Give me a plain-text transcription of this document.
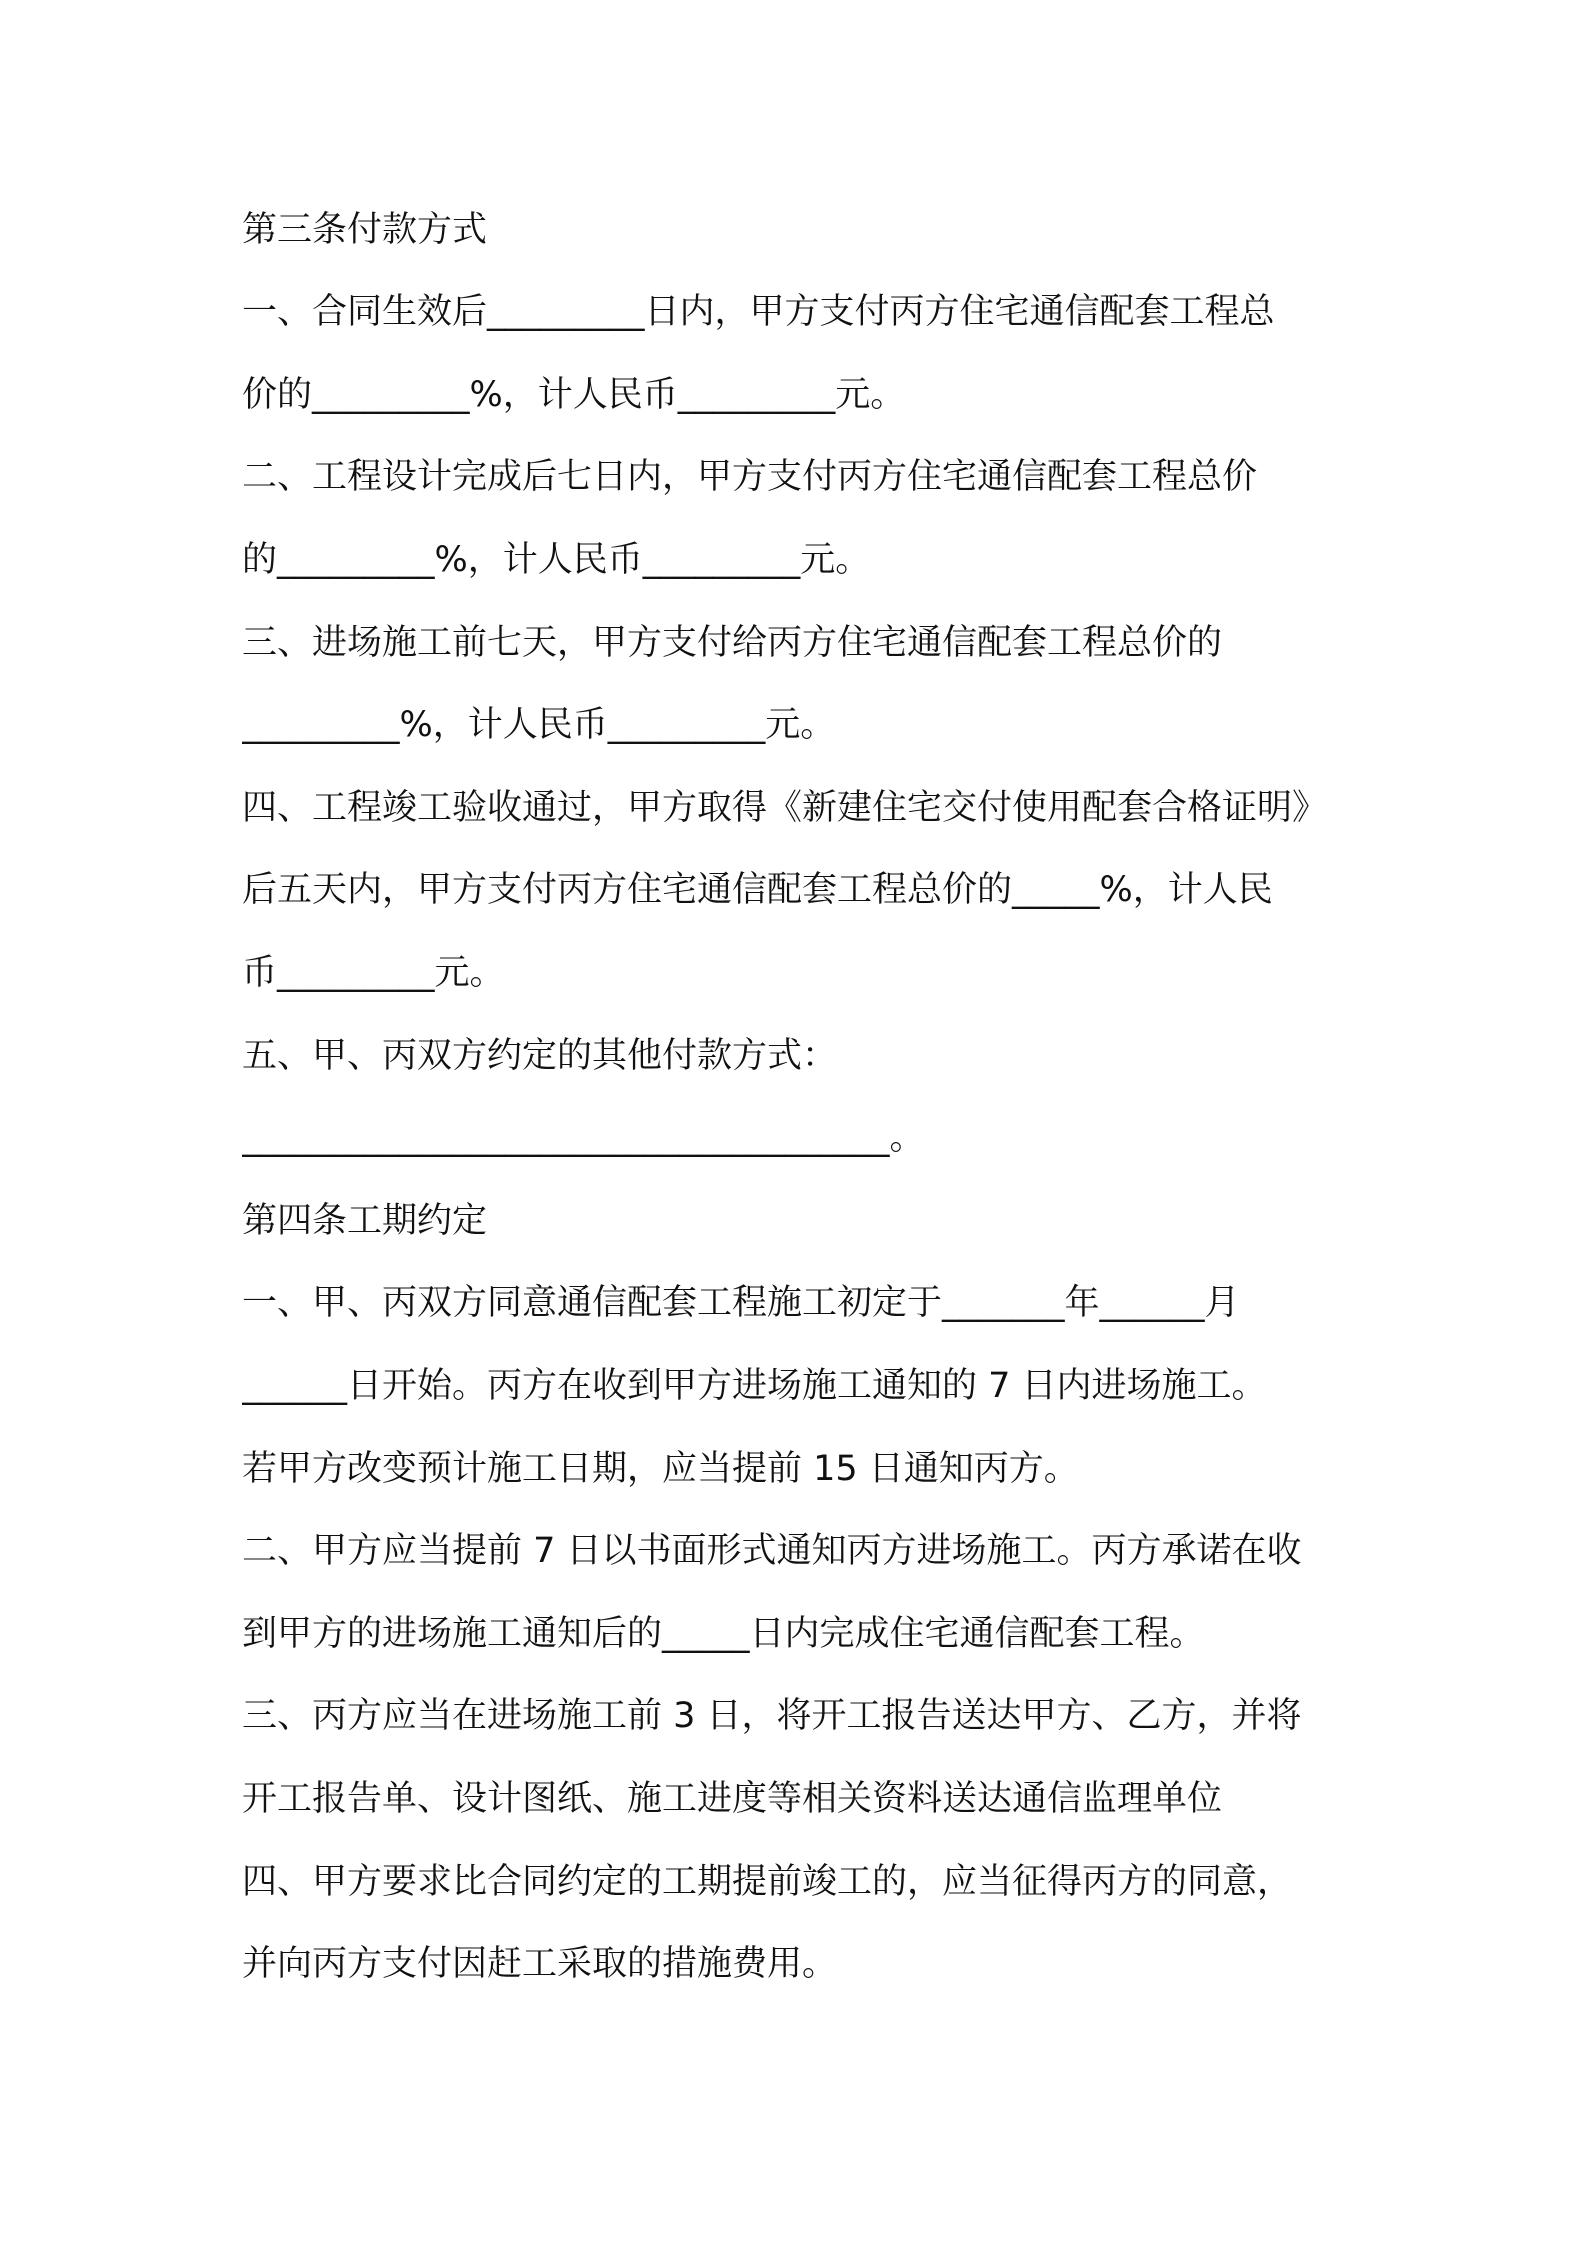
第三条付款方式
一、合同生效后_________日内，甲方支付丙方住宅通信配套工程总
价的_________%，计人民币_________元。
二、工程设计完成后七日内，甲方支付丙方住宅通信配套工程总价
的_________%，计人民币_________元。
三、进场施工前七天，甲方支付给丙方住宅通信配套工程总价的
_________%，计人民币_________元。
四、工程竣工验收通过，甲方取得《新建住宅交付使用配套合格证明》
后五天内，甲方支付丙方住宅通信配套工程总价的_____%，计人民
币_________元。
五、甲、丙双方约定的其他付款方式：
_____________________________________。
第四条工期约定
一、甲、丙双方同意通信配套工程施工初定于_______年______月
______日开始。丙方在收到甲方进场施工通知的 7 日内进场施工。
若甲方改变预计施工日期，应当提前 15 日通知丙方。
二、甲方应当提前 7 日以书面形式通知丙方进场施工。丙方承诺在收
到甲方的进场施工通知后的_____日内完成住宅通信配套工程。
三、丙方应当在进场施工前 3 日，将开工报告送达甲方、乙方，并将
开工报告单、设计图纸、施工进度等相关资料送达通信监理单位
四、甲方要求比合同约定的工期提前竣工的，应当征得丙方的同意，
并向丙方支付因赶工采取的措施费用。
